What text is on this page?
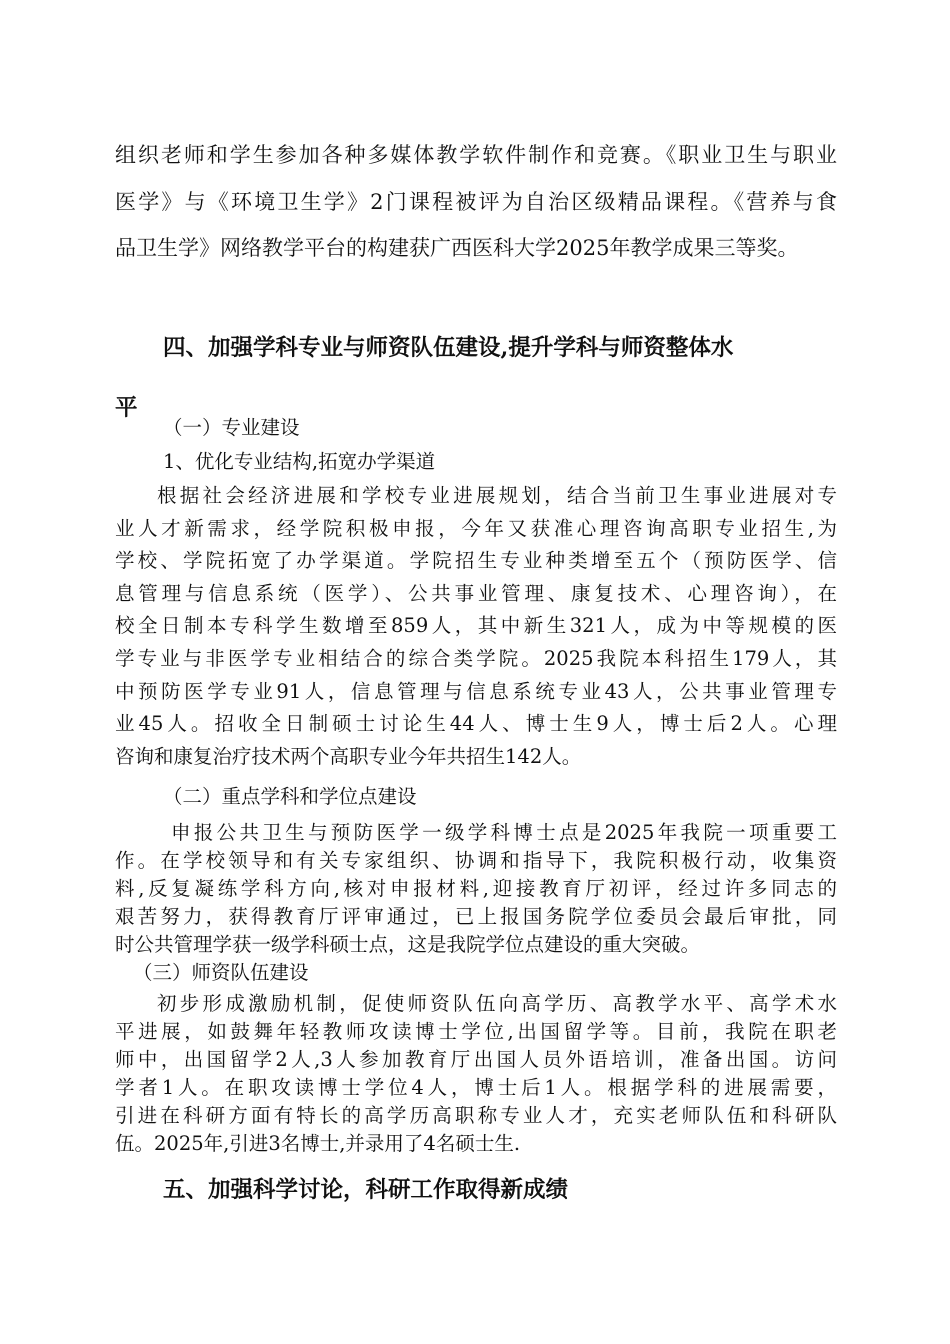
组织老师和学生参加各种多媒体教学软件制作和竞赛。《职业卫生与职业
医学》与《环境卫生学》2门课程被评为自治区级精品课程。《营养与食
品卫生学》网络教学平台的构建获广西医科大学2025年教学成果三等奖。
四、加强学科专业与师资队伍建设,提升学科与师资整体水
平
（一）专业建设
1、优化专业结构,拓宽办学渠道
根据社会经济进展和学校专业进展规划，结合当前卫生事业进展对专
业人才新需求，经学院积极申报，今年又获准心理咨询高职专业招生,为
学校、学院拓宽了办学渠道。学院招生专业种类增至五个（预防医学、信
息管理与信息系统（医学）、公共事业管理、康复技术、心理咨询），在
校全日制本专科学生数增至859人，其中新生321人，成为中等规模的医
学专业与非医学专业相结合的综合类学院。2025我院本科招生179人，其
中预防医学专业91人，信息管理与信息系统专业43人，公共事业管理专
业45人。招收全日制硕士讨论生44人、博士生9人，博士后2人。心理
咨询和康复治疗技术两个高职专业今年共招生142人。
（二）重点学科和学位点建设
申报公共卫生与预防医学一级学科博士点是2025年我院一项重要工
作。在学校领导和有关专家组织、协调和指导下，我院积极行动，收集资
料,反复凝练学科方向,核对申报材料,迎接教育厅初评，经过许多同志的
艰苦努力，获得教育厅评审通过，已上报国务院学位委员会最后审批，同
时公共管理学获一级学科硕士点，这是我院学位点建设的重大突破。
（三）师资队伍建设
初步形成激励机制，促使师资队伍向高学历、高教学水平、高学术水
平进展，如鼓舞年轻教师攻读博士学位,出国留学等。目前，我院在职老
师中，出国留学2人,3人参加教育厅出国人员外语培训，准备出国。访问
学者1人。在职攻读博士学位4人，博士后1人。根据学科的进展需要，
引进在科研方面有特长的高学历高职称专业人才，充实老师队伍和科研队
伍。2025年,引进3名博士,并录用了4名硕士生.
五、加强科学讨论，科研工作取得新成绩
